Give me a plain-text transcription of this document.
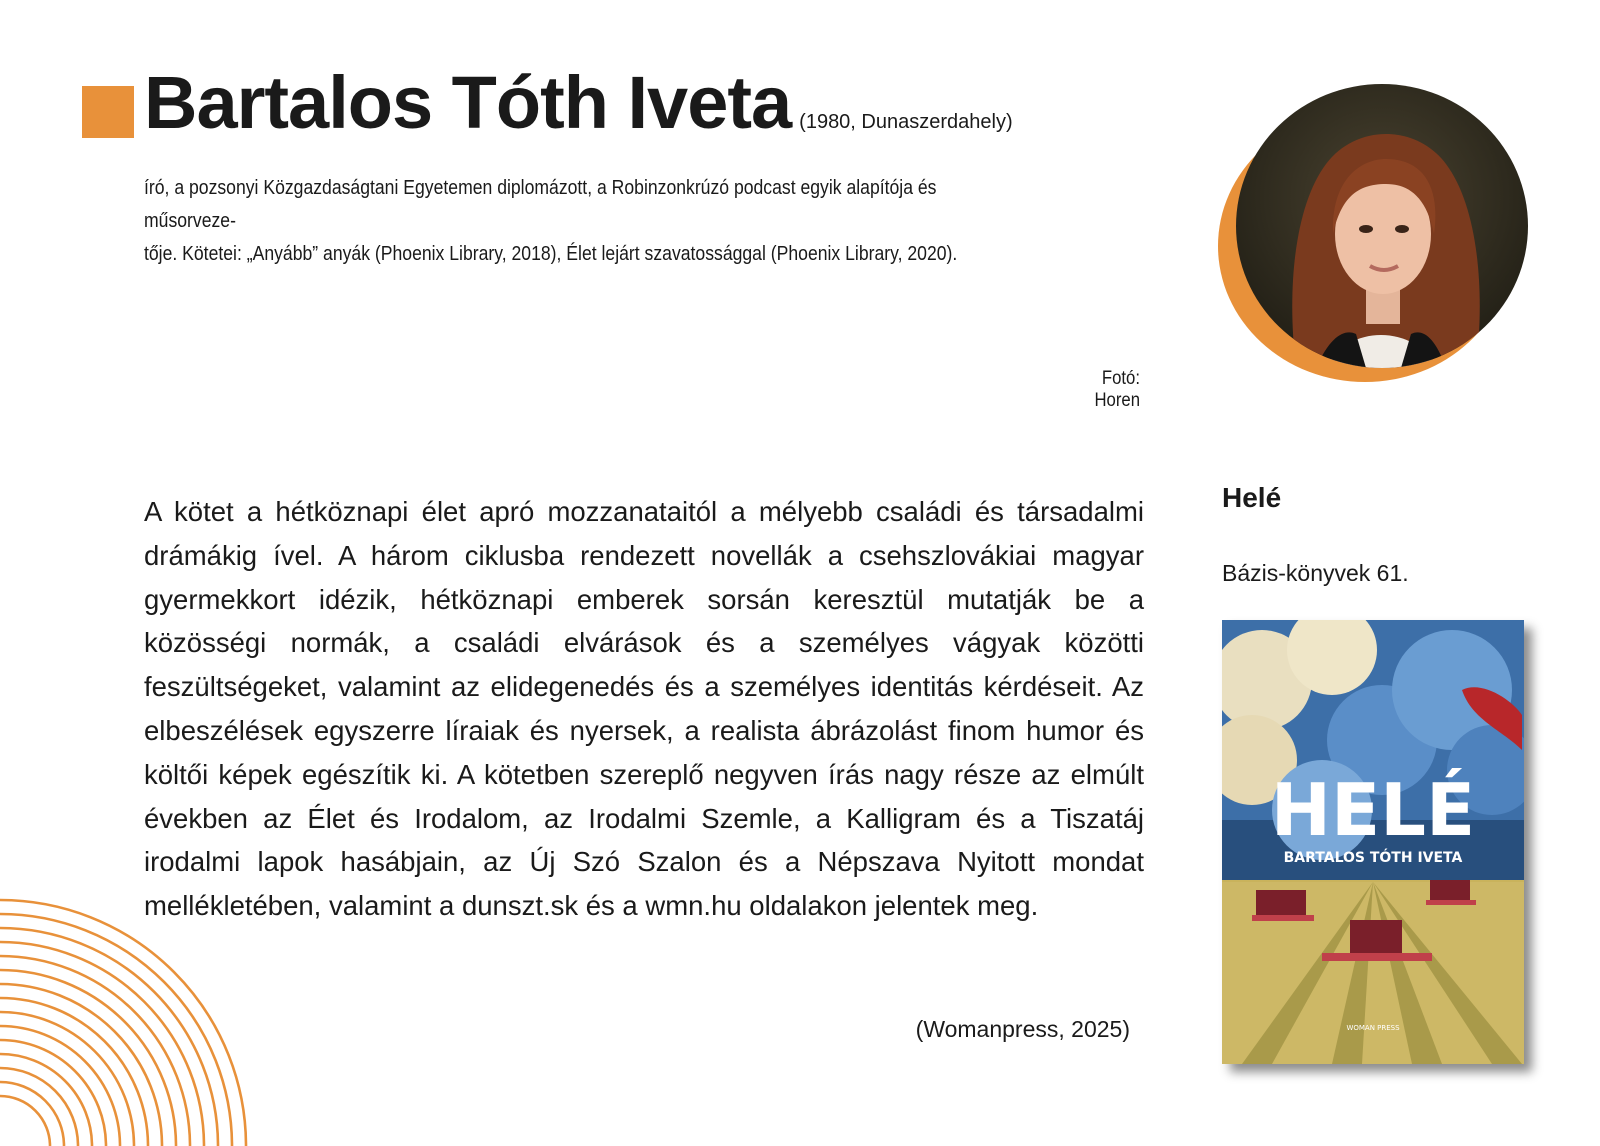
Bartalos Tóth Iveta (1980, Dunaszerdahely)

író, a pozsonyi Közgazdaságtani Egyetemen diplomázott, a Robinzonkrúzó podcast egyik alapítója és műsorveze-

tője. Kötetei: „Anyább” anyák (Phoenix Library, 2018), Élet lejárt szavatossággal (Phoenix Library, 2020).

Fotó: Horen
A kötet a hétköznapi élet apró mozzanataitól a mélyebb családi és társadalmi drámákig ível. A három ciklusba rendezett novellák a csehszlovákiai magyar gyermekkort idézik, hétköznapi emberek sorsán keresztül mutatják be a közösségi normák, a családi elvárások és a személyes vágyak közötti feszültségeket, valamint az elidegenedés és a személyes identitás kérdéseit. Az elbeszélések egyszerre líraiak és nyersek, a realista ábrázolást finom humor és költői képek egészítik ki. A kötetben szereplő negyven írás nagy része az elmúlt években az Élet és Irodalom, az Irodalmi Szemle, a Kalligram és a Tiszatáj irodalmi lapok hasábjain, az Új Szó Szalon és a Népszava Nyitott mondat mellékletében, valamint a dunszt.sk és a wmn.hu oldalakon jelentek meg.
(Womanpress, 2025)
Helé
Bázis-könyvek 61.
HELÉ
BARTALOS TÓTH IVETA
WOMAN PRESS
